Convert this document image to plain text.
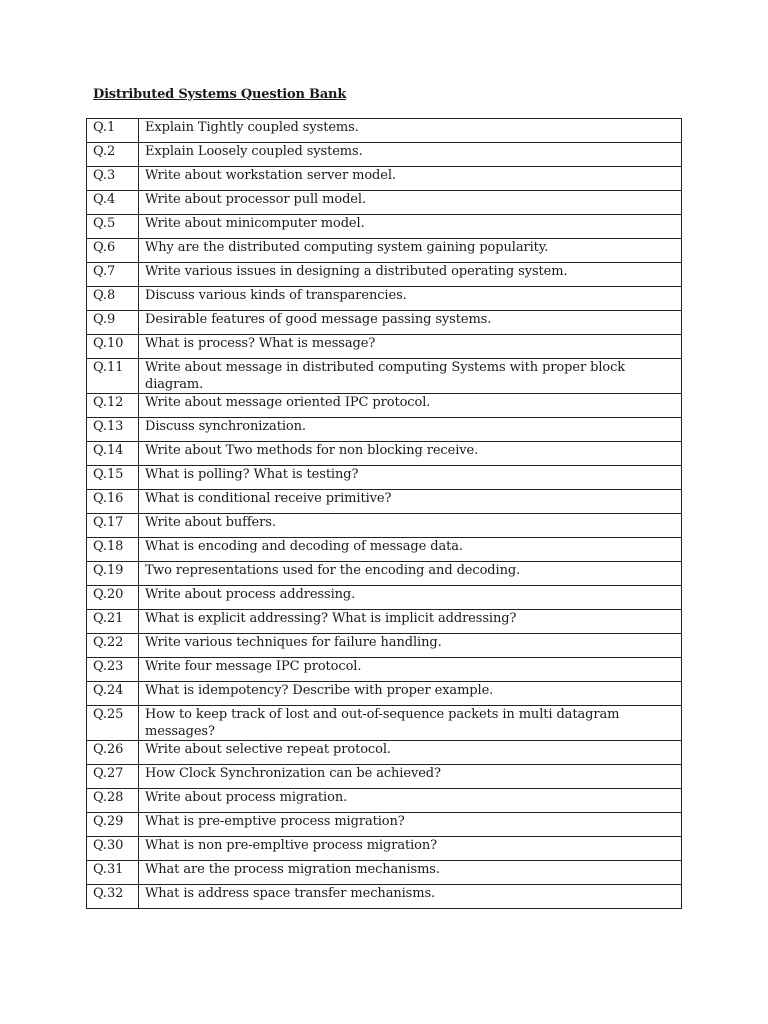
Distributed Systems Question Bank
Q.1	Explain Tightly coupled systems.
Q.2	Explain Loosely coupled systems.
Q.3	Write about workstation server model.
Q.4	Write about processor pull model.
Q.5	Write about minicomputer model.
Q.6	Why are the distributed computing system gaining popularity.
Q.7	Write various issues in designing a distributed operating system.
Q.8	Discuss various kinds of transparencies.
Q.9	Desirable features of good message passing systems.
Q.10	What is process? What is message?
Q.11	Write about message in distributed computing Systems with proper block diagram.
Q.12	Write about message oriented IPC protocol.
Q.13	Discuss synchronization.
Q.14	Write about Two methods for non blocking receive.
Q.15	What is polling? What is testing?
Q.16	What is conditional receive primitive?
Q.17	Write about buffers.
Q.18	What is encoding and decoding of message data.
Q.19	Two representations used for the encoding and decoding.
Q.20	Write about process addressing.
Q.21	What is explicit addressing? What is implicit addressing?
Q.22	Write various techniques for failure handling.
Q.23	Write four message IPC protocol.
Q.24	What is idempotency? Describe with proper example.
Q.25	How to keep track of lost and out-of-sequence packets in multi datagram messages?
Q.26	Write about selective repeat protocol.
Q.27	How Clock Synchronization can be achieved?
Q.28	Write about process migration.
Q.29	What is pre-emptive process migration?
Q.30	What is non pre-empltive process migration?
Q.31	What are the process migration mechanisms.
Q.32	What is address space transfer mechanisms.
